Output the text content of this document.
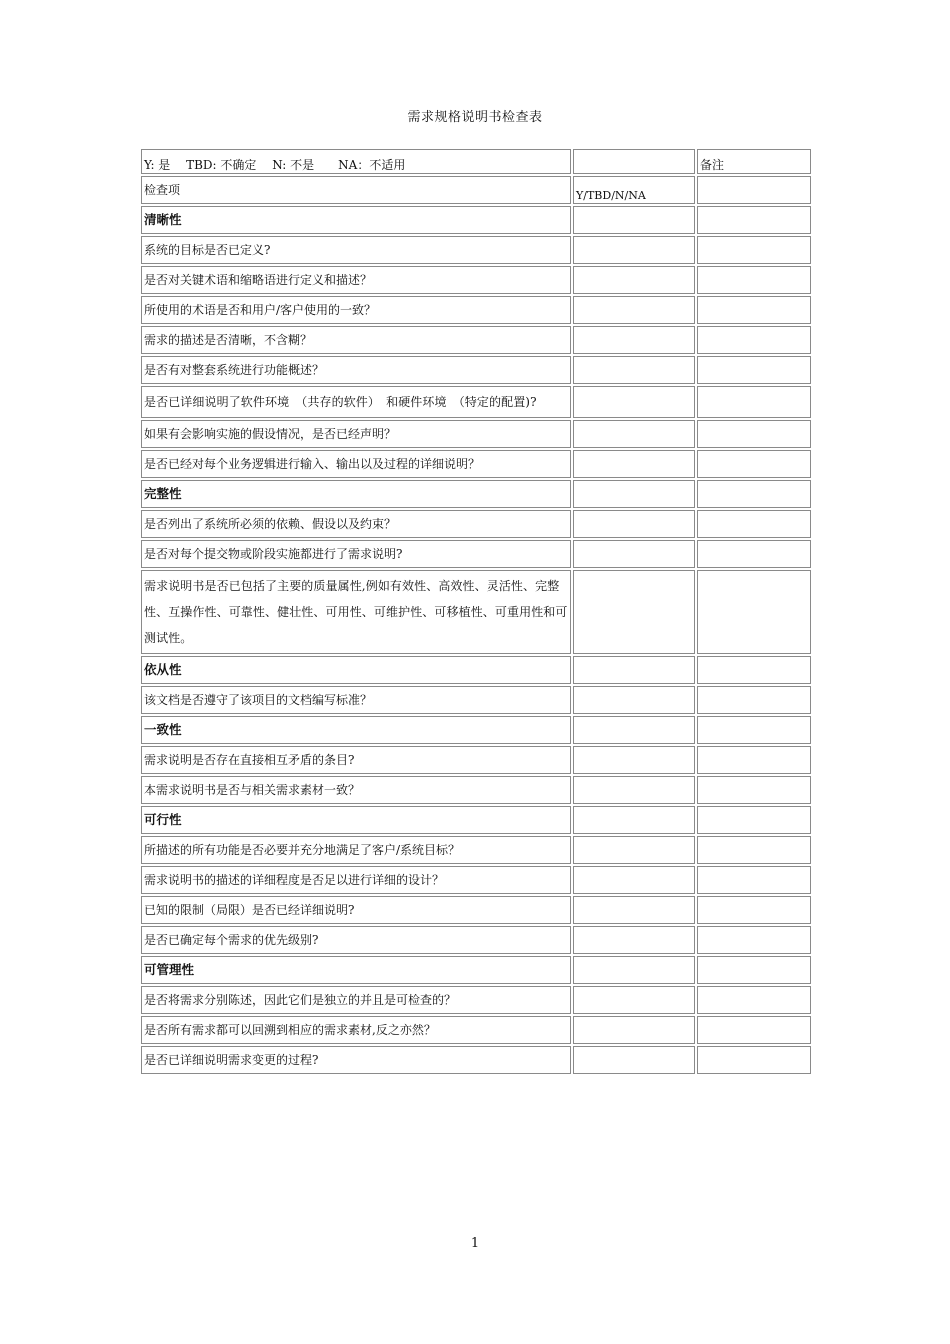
需求规格说明书检查表
Y: 是　 TBD: 不确定　 N: 不是　　NA：不适用		备注
检查项	Y/TBD/N/NA	
清晰性		
系统的目标是否已定义?		
是否对关键术语和缩略语进行定义和描述？		
所使用的术语是否和用户/客户使用的一致？		
需求的描述是否清晰，不含糊？		
是否有对整套系统进行功能概述？		
是否已详细说明了软件环境　（共存的软件）　和硬件环境　（特定的配置)?		
如果有会影响实施的假设情况，是否已经声明？		
是否已经对每个业务逻辑进行输入、输出以及过程的详细说明？		
完整性		
是否列出了系统所必须的依赖、假设以及约束？		
是否对每个提交物或阶段实施都进行了需求说明?		
需求说明书是否已包括了主要的质量属性,例如有效性、高效性、灵活性、完整性、互操作性、可靠性、健壮性、可用性、可维护性、可移植性、可重用性和可测试性。		
依从性		
该文档是否遵守了该项目的文档编写标准？		
一致性		
需求说明是否存在直接相互矛盾的条目?		
本需求说明书是否与相关需求素材一致？		
可行性		
所描述的所有功能是否必要并充分地满足了客户/系统目标？		
需求说明书的描述的详细程度是否足以进行详细的设计？		
已知的限制（局限）是否已经详细说明?		
是否已确定每个需求的优先级别?		
可管理性		
是否将需求分别陈述，因此它们是独立的并且是可检查的？		
是否所有需求都可以回溯到相应的需求素材,反之亦然？		
是否已详细说明需求变更的过程?		
1
